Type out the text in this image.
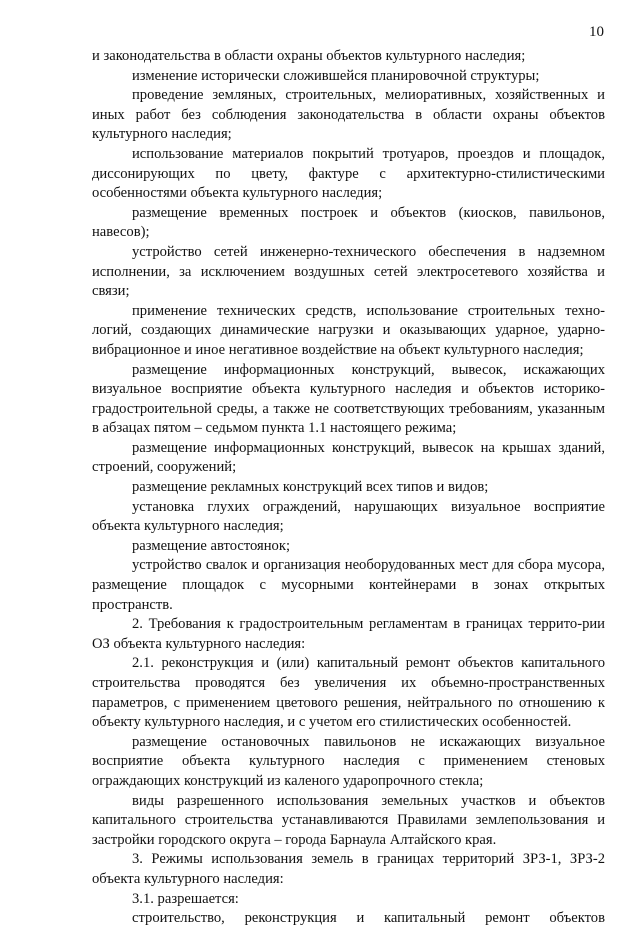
10

и законодательства в области охраны объектов культурного наследия;

изменение исторически сложившейся планировочной структуры;

проведение земляных, строительных, мелиоративных, хозяйственных и иных работ без соблюдения законодательства в области охраны объектов культурного наследия;

использование материалов покрытий тротуаров, проездов и площадок, диссонирующих по цвету, фактуре с архитектурно-стилистическими особенностями объекта культурного наследия;

размещение временных построек и объектов (киосков, павильонов, навесов);

устройство сетей инженерно-технического обеспечения в надземном исполнении, за исключением воздушных сетей электросетевого хозяйства и связи;

применение технических средств, использование строительных техно-логий, создающих динамические нагрузки и оказывающих ударное, ударно-вибрационное и иное негативное воздействие на объект культурного наследия;

размещение информационных конструкций, вывесок, искажающих визуальное восприятие объекта культурного наследия и объектов историко-градостроительной среды, а также не соответствующих требованиям, указанным в абзацах пятом – седьмом пункта 1.1 настоящего режима;

размещение информационных конструкций, вывесок на крышах зданий, строений, сооружений;

размещение рекламных конструкций всех типов и видов;

установка глухих ограждений, нарушающих визуальное восприятие объекта культурного наследия;

размещение автостоянок;

устройство свалок и организация необорудованных мест для сбора мусора, размещение площадок с мусорными контейнерами в зонах открытых пространств.

2. Требования к градостроительным регламентам в границах террито-рии ОЗ объекта культурного наследия:

2.1. реконструкция и (или) капитальный ремонт объектов капитального строительства проводятся без увеличения их объемно-пространственных параметров, с применением цветового решения, нейтрального по отношению к объекту культурного наследия, и с учетом его стилистических особенностей.

размещение остановочных павильонов не искажающих визуальное восприятие объекта культурного наследия с применением стеновых ограждающих конструкций из каленого ударопрочного стекла;

виды разрешенного использования земельных участков и объектов капитального строительства устанавливаются Правилами землепользования и застройки городского округа – города Барнаула Алтайского края.

3. Режимы использования земель в границах территорий ЗРЗ-1, ЗРЗ-2 объекта культурного наследия:

3.1. разрешается:

строительство, реконструкция и капитальный ремонт объектов
